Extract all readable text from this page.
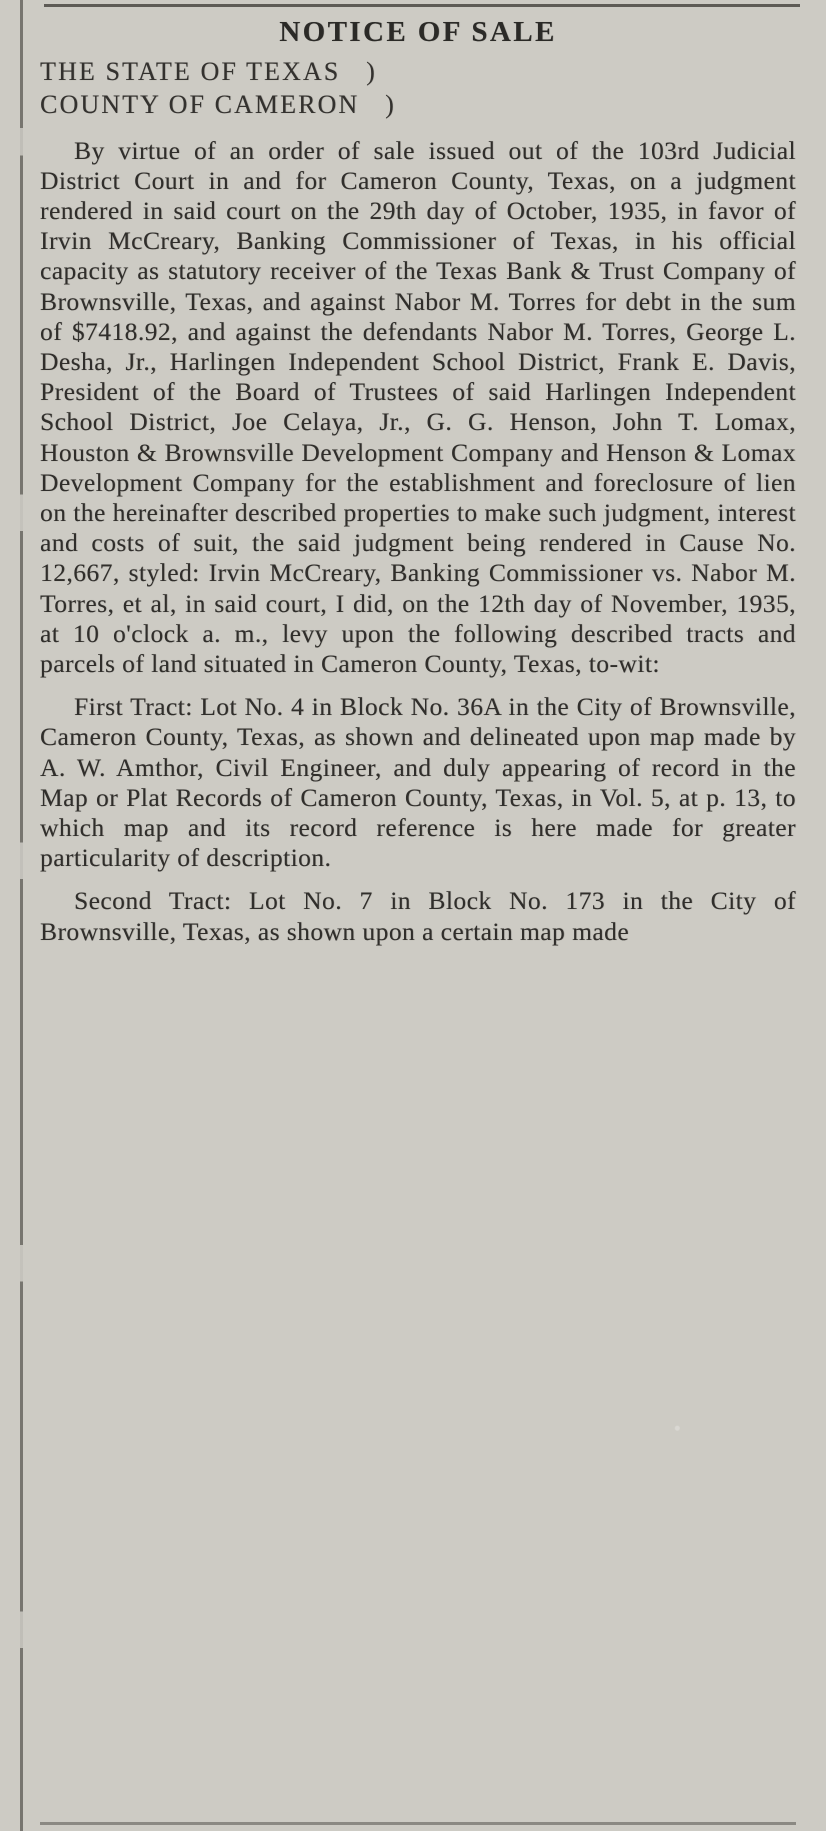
NOTICE OF SALE
THE STATE OF TEXAS   )
COUNTY OF CAMERON   )

By virtue of an order of sale issued out of the 103rd Judicial District Court in and for Cameron County, Texas, on a judgment rendered in said court on the 29th day of October, 1935, in favor of Irvin McCreary, Banking Commissioner of Texas, in his official capacity as statutory receiver of the Texas Bank & Trust Company of Brownsville, Texas, and against Nabor M. Torres for debt in the sum of $7418.92, and against the defendants Nabor M. Torres, George L. Desha, Jr., Harlingen Independent School District, Frank E. Davis, President of the Board of Trustees of said Harlingen Independent School District, Joe Celaya, Jr., G. G. Henson, John T. Lomax, Houston & Brownsville Development Company and Henson & Lomax Development Company for the establishment and foreclosure of lien on the hereinafter described properties to make such judgment, interest and costs of suit, the said judgment being rendered in Cause No. 12,667, styled: Irvin McCreary, Banking Commissioner vs. Nabor M. Torres, et al, in said court, I did, on the 12th day of November, 1935, at 10 o'clock a. m., levy upon the following described tracts and parcels of land situated in Cameron County, Texas, to-wit:

First Tract: Lot No. 4 in Block No. 36A in the City of Brownsville, Cameron County, Texas, as shown and delineated upon map made by A. W. Amthor, Civil Engineer, and duly appearing of record in the Map or Plat Records of Cameron County, Texas, in Vol. 5, at p. 13, to which map and its record reference is here made for greater particularity of description.

Second Tract: Lot No. 7 in Block No. 173 in the City of Brownsville, Texas, as shown upon a certain map made
